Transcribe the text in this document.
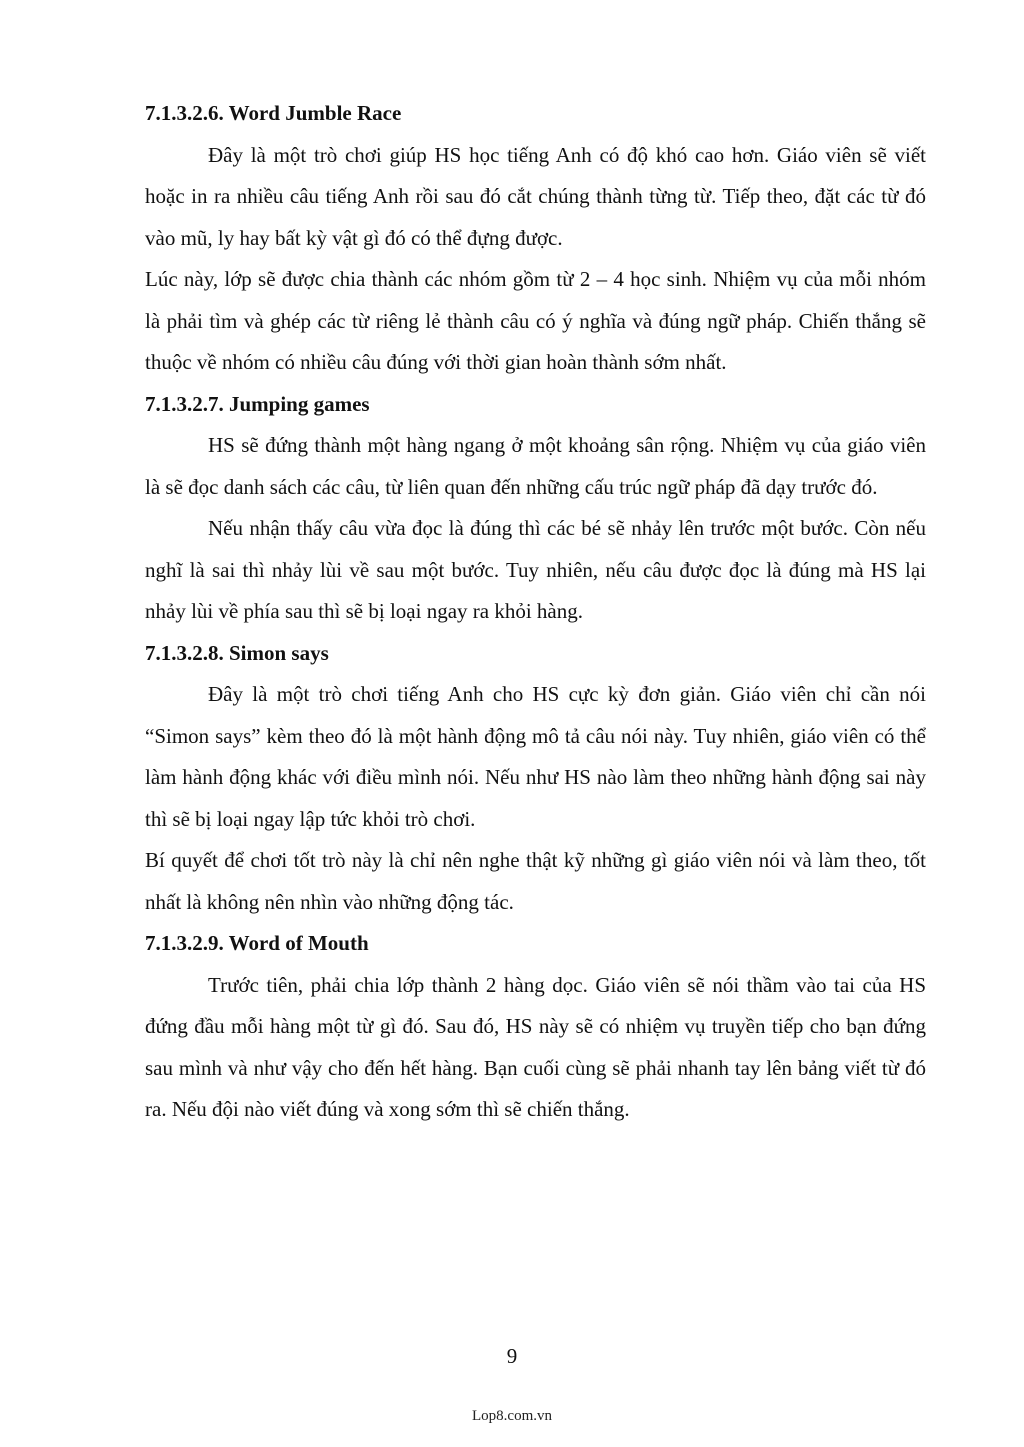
7.1.3.2.6. Word Jumble Race

Đây là một trò chơi giúp HS học tiếng Anh có độ khó cao hơn. Giáo viên sẽ viết hoặc in ra nhiều câu tiếng Anh rồi sau đó cắt chúng thành từng từ. Tiếp theo, đặt các từ đó vào mũ, ly hay bất kỳ vật gì đó có thể đựng được.

Lúc này, lớp sẽ được chia thành các nhóm gồm từ 2 – 4 học sinh. Nhiệm vụ của mỗi nhóm là phải tìm và ghép các từ riêng lẻ thành câu có ý nghĩa và đúng ngữ pháp. Chiến thắng sẽ thuộc về nhóm có nhiều câu đúng với thời gian hoàn thành sớm nhất.

7.1.3.2.7. Jumping games

HS sẽ đứng thành một hàng ngang ở một khoảng sân rộng. Nhiệm vụ của giáo viên là sẽ đọc danh sách các câu, từ liên quan đến những cấu trúc ngữ pháp đã dạy trước đó.

Nếu nhận thấy câu vừa đọc là đúng thì các bé sẽ nhảy lên trước một bước. Còn nếu nghĩ là sai thì nhảy lùi về sau một bước. Tuy nhiên, nếu câu được đọc là đúng mà HS lại nhảy lùi về phía sau thì sẽ bị loại ngay ra khỏi hàng.

7.1.3.2.8. Simon says

Đây là một trò chơi tiếng Anh cho HS cực kỳ đơn giản. Giáo viên chỉ cần nói “Simon says” kèm theo đó là một hành động mô tả câu nói này. Tuy nhiên, giáo viên có thể làm hành động khác với điều mình nói. Nếu như HS nào làm theo những hành động sai này thì sẽ bị loại ngay lập tức khỏi trò chơi.

Bí quyết để chơi tốt trò này là chỉ nên nghe thật kỹ những gì giáo viên nói và làm theo, tốt nhất là không nên nhìn vào những động tác.

7.1.3.2.9. Word of Mouth

Trước tiên, phải chia lớp thành 2 hàng dọc. Giáo viên sẽ nói thầm vào tai của HS đứng đầu mỗi hàng một từ gì đó. Sau đó, HS này sẽ có nhiệm vụ truyền tiếp cho bạn đứng sau mình và như vậy cho đến hết hàng. Bạn cuối cùng sẽ phải nhanh tay lên bảng viết từ đó ra. Nếu đội nào viết đúng và xong sớm thì sẽ chiến thắng.

9
Lop8.com.vn
